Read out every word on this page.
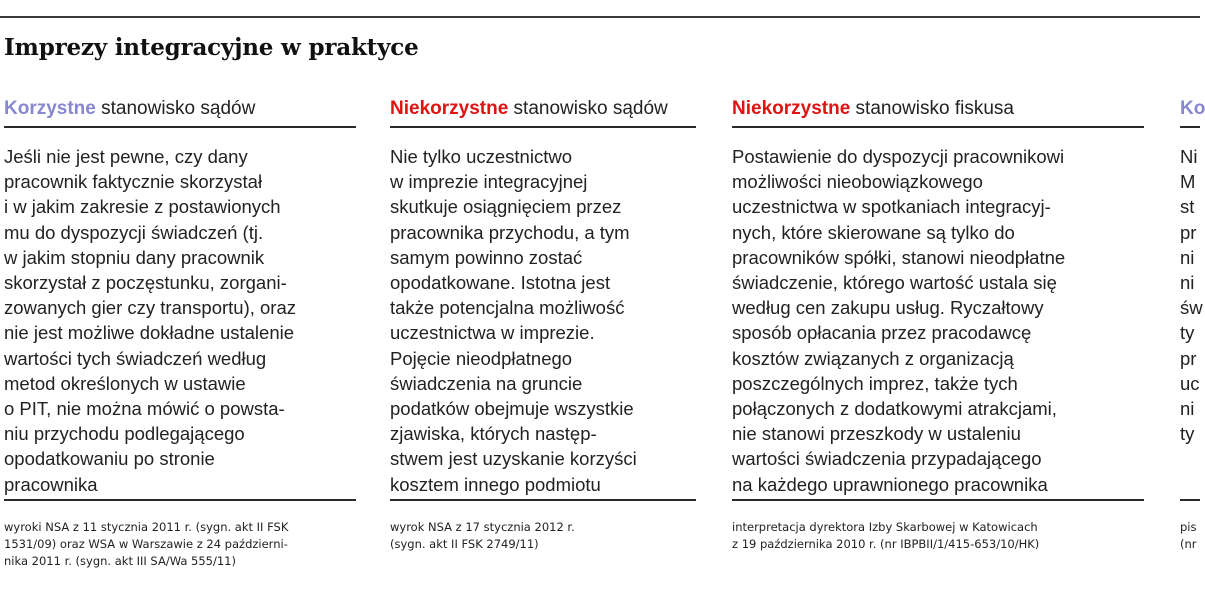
Imprezy integracyjne w praktyce
Korzystne stanowisko sądów
Jeśli nie jest pewne, czy dany
pracownik faktycznie skorzystał
i w jakim zakresie z postawionych
mu do dyspozycji świadczeń (tj.
w jakim stopniu dany pracownik
skorzystał z poczęstunku, zorgani-
zowanych gier czy transportu), oraz
nie jest możliwe dokładne ustalenie
wartości tych świadczeń według
metod określonych w ustawie
o PIT, nie można mówić o powsta-
niu przychodu podlegającego
opodatkowaniu po stronie
pracownika
wyroki NSA z 11 stycznia 2011 r. (sygn. akt II FSK
1531/09) oraz WSA w Warszawie z 24 październi-
nika 2011 r. (sygn. akt III SA/Wa 555/11)
Niekorzystne stanowisko sądów
Nie tylko uczestnictwo
w imprezie integracyjnej
skutkuje osiągnięciem przez
pracownika przychodu, a tym
samym powinno zostać
opodatkowane. Istotna jest
także potencjalna możliwość
uczestnictwa w imprezie.
Pojęcie nieodpłatnego
świadczenia na gruncie
podatków obejmuje wszystkie
zjawiska, których następ-
stwem jest uzyskanie korzyści
kosztem innego podmiotu
wyrok NSA z 17 stycznia 2012 r.
(sygn. akt II FSK 2749/11)
Niekorzystne stanowisko fiskusa
Postawienie do dyspozycji pracownikowi
możliwości nieobowiązkowego
uczestnictwa w spotkaniach integracyj-
nych, które skierowane są tylko do
pracowników spółki, stanowi nieodpłatne
świadczenie, którego wartość ustala się
według cen zakupu usług. Ryczałtowy
sposób opłacania przez pracodawcę
kosztów związanych z organizacją
poszczególnych imprez, także tych
połączonych z dodatkowymi atrakcjami,
nie stanowi przeszkody w ustaleniu
wartości świadczenia przypadającego
na każdego uprawnionego pracownika
interpretacja dyrektora Izby Skarbowej w Katowicach
z 19 października 2010 r. (nr IBPBII/1/415-653/10/HK)
Ko
Ni
M
st
pr
ni
ni
św
ty
pr
uc
ni
ty
pis
(nr
